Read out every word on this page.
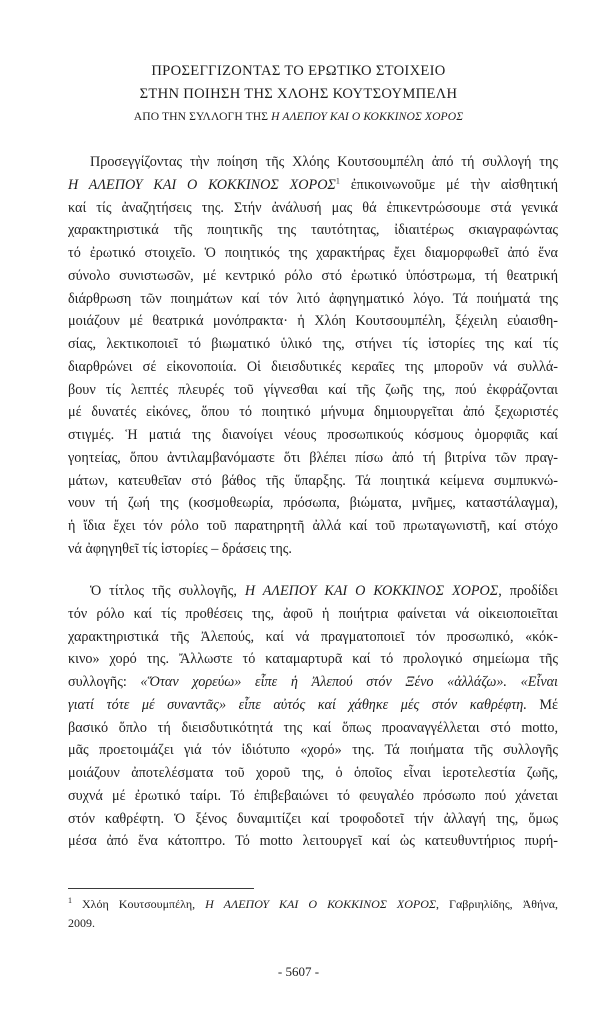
ΠΡΟΣΕΓΓΙΖΟΝΤΑΣ ΤΟ ΕΡΩΤΙΚΟ ΣΤΟΙΧΕΙΟ
ΣΤΗΝ ΠΟΙΗΣΗ ΤΗΣ ΧΛΟΗΣ ΚΟΥΤΣΟΥΜΠΕΛΗ
ΑΠΟ ΤΗΝ ΣΥΛΛΟΓΗ ΤΗΣ Η ΑΛΕΠΟΥ ΚΑΙ Ο ΚΟΚΚΙΝΟΣ ΧΟΡΟΣ
Προσεγγίζοντας τὴν ποίηση τῆς Χλόης Κουτσουμπέλη ἀπό τή συλλογή της
Η ΑΛΕΠΟΥ ΚΑΙ Ο ΚΟΚΚΙΝΟΣ ΧΟΡΟΣ$^1$ ἐπικοινωνοῦμε μέ τὴν αἰσθητική
καί τίς ἀναζητήσεις της. Στήν ἀνάλυσή μας θά ἐπικεντρώσουμε στά γενικά
χαρακτηριστικά τῆς ποιητικῆς της ταυτότητας, ἰδιαιτέρως σκιαγραφώντας
τό ἐρωτικό στοιχεῖο. Ὁ ποιητικός της χαρακτήρας ἔχει διαμορφωθεῖ ἀπό ἕνα
σύνολο συνιστωσῶν, μέ κεντρικό ρόλο στό ἐρωτικό ὑπόστρωμα, τή θεατρική
διάρθρωση τῶν ποιημάτων καί τόν λιτό ἀφηγηματικό λόγο. Τά ποιήματά της
μοιάζουν μέ θεατρικά μονόπρακτα· ἡ Χλόη Κουτσουμπέλη, ξέχειλη εὐαισθη-
σίας, λεκτικοποιεῖ τό βιωματικό ὑλικό της, στήνει τίς ἱστορίες της καί τίς
διαρθρώνει σέ εἰκονοποιία. Οἱ διεισδυτικές κεραῖες της μποροῦν νά συλλά-
βουν τίς λεπτές πλευρές τοῦ γίγνεσθαι καί τῆς ζωῆς της, πού ἐκφράζονται
μέ δυνατές εἰκόνες, ὅπου τό ποιητικό μήνυμα δημιουργεῖται ἀπό ξεχωριστές
στιγμές. Ἡ ματιά της διανοίγει νέους προσωπικούς κόσμους ὀμορφιᾶς καί
γοητείας, ὅπου ἀντιλαμβανόμαστε ὅτι βλέπει πίσω ἀπό τή βιτρίνα τῶν πραγ-
μάτων, κατευθεῖαν στό βάθος τῆς ὕπαρξης. Τά ποιητικά κείμενα συμπυκνώ-
νουν τή ζωή της (κοσμοθεωρία, πρόσωπα, βιώματα, μνῆμες, καταστάλαγμα),
ἡ ἴδια ἔχει τόν ρόλο τοῦ παρατηρητῆ ἀλλά καί τοῦ πρωταγωνιστῆ, καί στόχο
νά ἀφηγηθεῖ τίς ἱστορίες – δράσεις της.
Ὁ τίτλος τῆς συλλογῆς, Η ΑΛΕΠΟΥ ΚΑΙ Ο ΚΟΚΚΙΝΟΣ ΧΟΡΟΣ, προδίδει
τόν ρόλο καί τίς προθέσεις της, ἀφοῦ ἡ ποιήτρια φαίνεται νά οἰκειοποιεῖται
χαρακτηριστικά τῆς Ἀλεπούς, καί νά πραγματοποιεῖ τόν προσωπικό, «κόκ-
κινο» χορό της. Ἄλλωστε τό καταμαρτυρᾶ καί τό προλογικό σημείωμα τῆς
συλλογῆς: «Ὅταν χορεύω» εἶπε ἡ Ἀλεπού στόν Ξένο «ἀλλάζω». «Εἶναι
γιατί τότε μέ συναντᾶς» εἶπε αὐτός καί χάθηκε μές στόν καθρέφτη. Μέ
βασικό ὅπλο τή διεισδυτικότητά της καί ὅπως προαναγγέλλεται στό motto,
μᾶς προετοιμάζει γιά τόν ἰδιότυπο «χορό» της. Τά ποιήματα τῆς συλλογῆς
μοιάζουν ἀποτελέσματα τοῦ χοροῦ της, ὁ ὁποῖος εἶναι ἱεροτελεστία ζωῆς,
συχνά μέ ἐρωτικό ταίρι. Τό ἐπιβεβαιώνει τό φευγαλέο πρόσωπο πού χάνεται
στόν καθρέφτη. Ὁ ξένος δυναμιτίζει καί τροφοδοτεῖ τήν ἀλλαγή της, ὅμως
μέσα ἀπό ἕνα κάτοπτρο. Τό motto λειτουργεῖ καί ὡς κατευθυντήριος πυρή-
$^1$ Χλόη Κουτσουμπέλη, Η ΑΛΕΠΟΥ ΚΑΙ Ο ΚΟΚΚΙΝΟΣ ΧΟΡΟΣ, Γαβριηλίδης, Ἀθήνα,
2009.
- 5607 -
